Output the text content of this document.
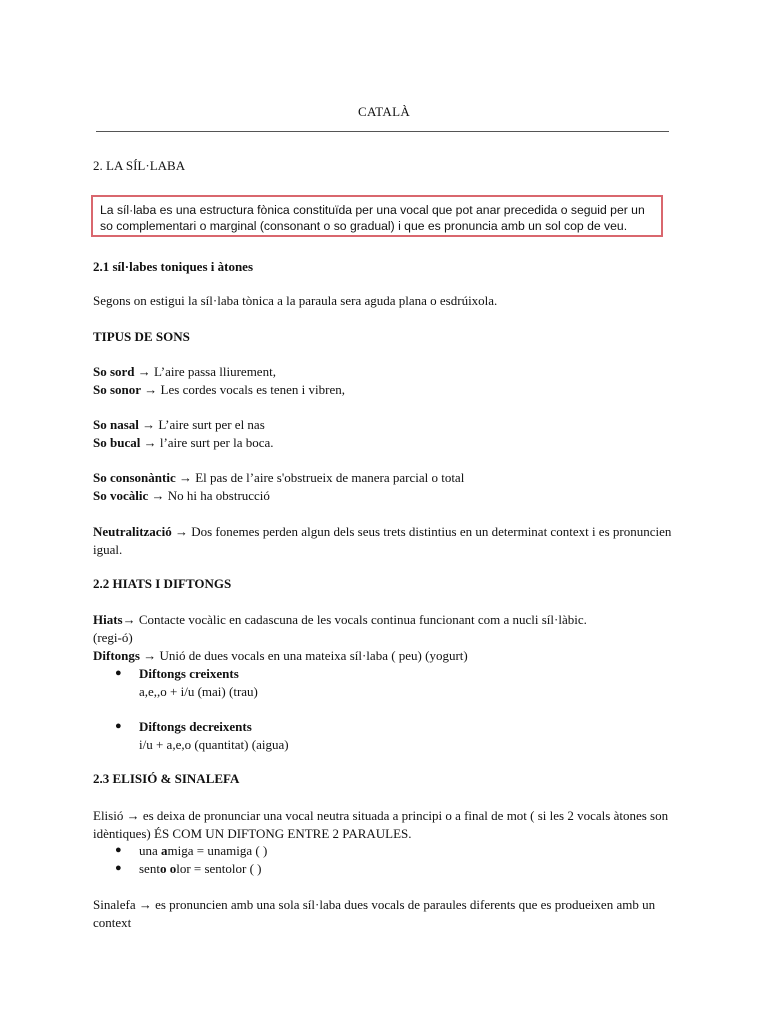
CATALÀ
2. LA SÍL·LABA
La síl·laba es una estructura fònica constituïda per una vocal que pot anar precedida o seguid per un so complementari o marginal (consonant o so gradual) i que es pronuncia amb un sol cop de veu.
2.1 síl·labes toniques i àtones
Segons on estigui la síl·laba tònica a la paraula sera aguda plana o esdrúixola.
TIPUS DE SONS
So sord → L’aire passa lliurement,
So sonor → Les cordes vocals es tenen i vibren,
So nasal → L’aire surt per el nas
So bucal → l’aire surt per la boca.
So consonàntic → El pas de l’aire s'obstrueix de manera parcial o total
So vocàlic → No hi ha obstrucció
Neutralització → Dos fonemes perden algun dels seus trets distintius en un determinat context i es pronuncien igual.
2.2 HIATS I DIFTONGS
Hiats→ Contacte vocàlic en cadascuna de les vocals continua funcionant com a nucli síl·làbic.
(regi-ó)
Diftongs → Unió de dues vocals en una mateixa síl·laba ( peu) (yogurt)
● Diftongs creixents
a,e,,o + i/u (mai) (trau)
● Diftongs decreixents
i/u + a,e,o (quantitat) (aigua)
2.3 ELISIÓ & SINALEFA
Elisió → es deixa de pronunciar una vocal neutra situada a principi o a final de mot ( si les 2 vocals àtones son idèntiques) ÉS COM UN DIFTONG ENTRE 2 PARAULES.
● una amiga = unamiga ( )
● sento olor = sentolor ( )
Sinalefa → es pronuncien amb una sola síl·laba dues vocals de paraules diferents que es produeixen amb un context
